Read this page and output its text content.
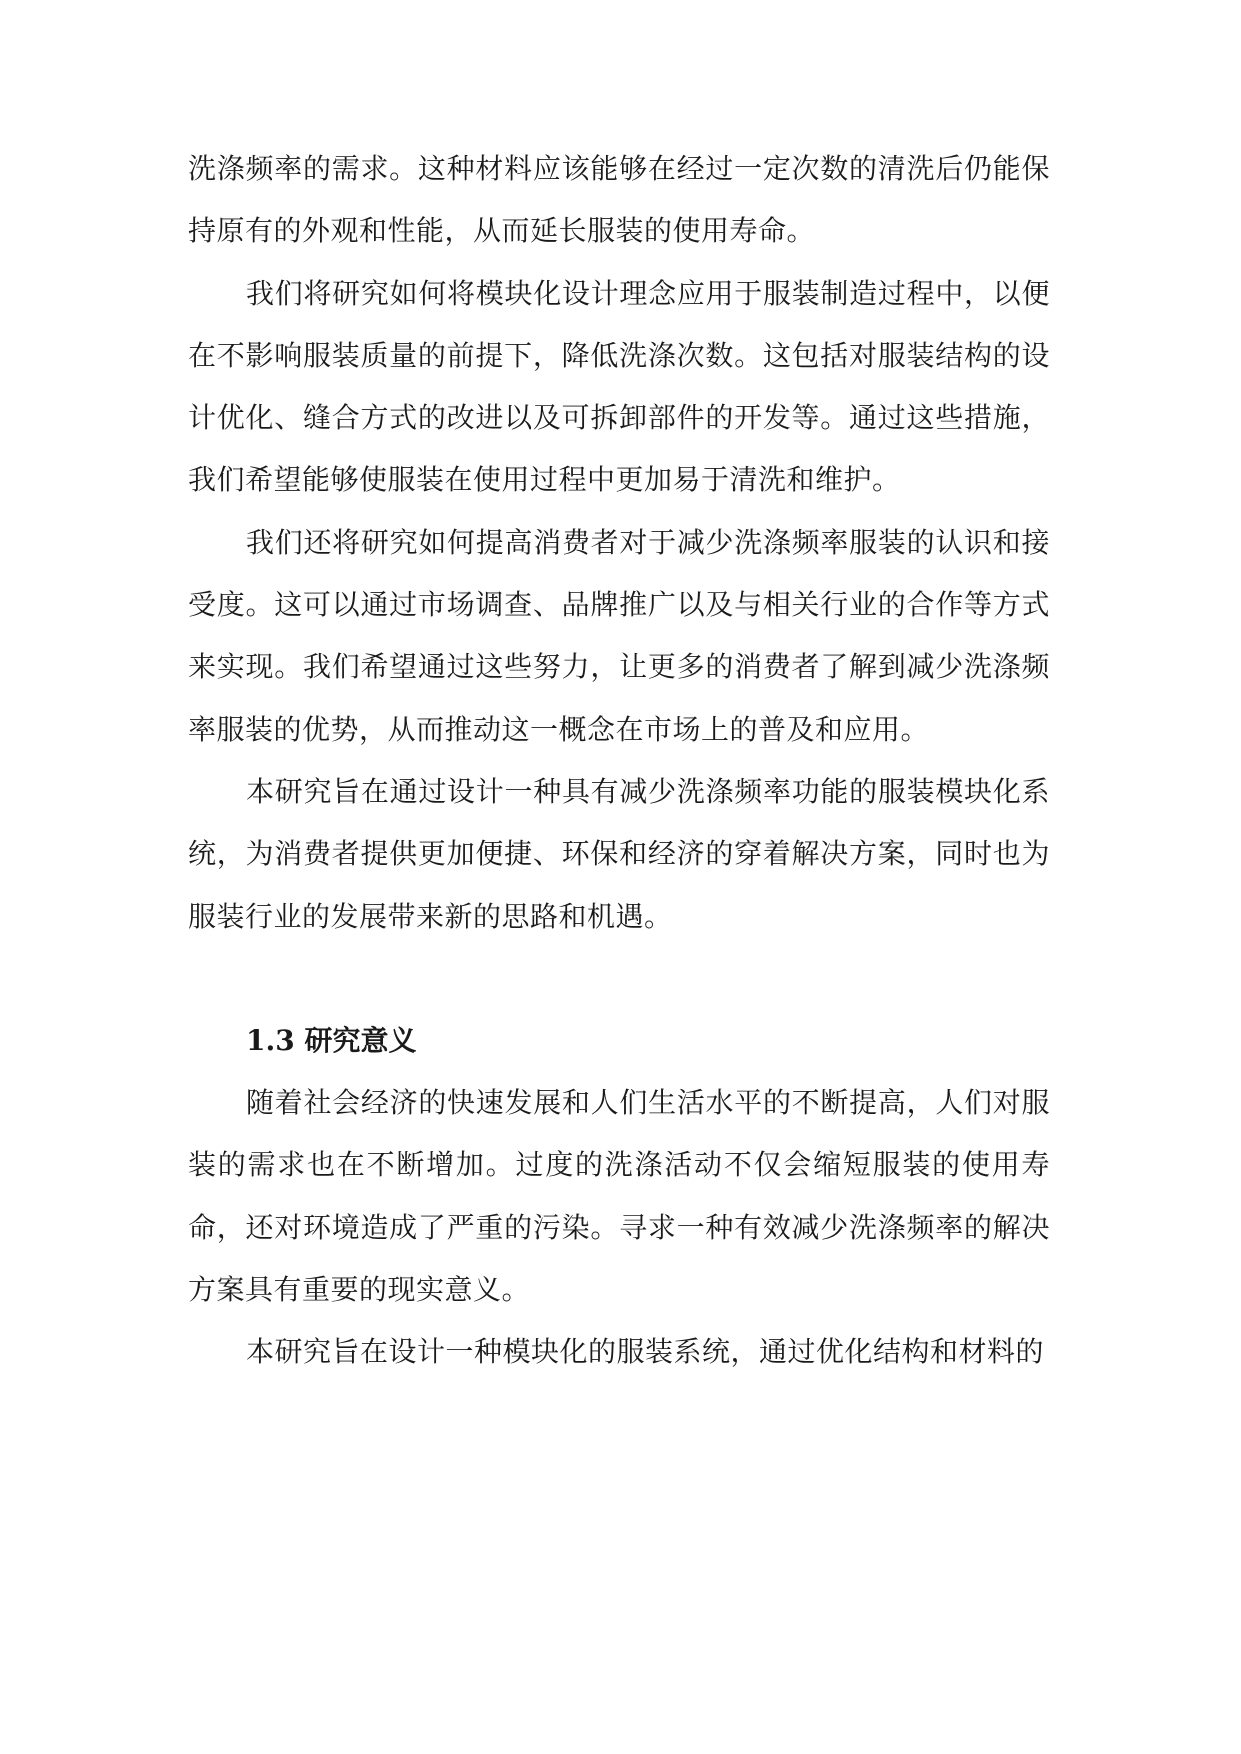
洗涤频率的需求。这种材料应该能够在经过一定次数的清洗后仍能保持原有的外观和性能，从而延长服装的使用寿命。

我们将研究如何将模块化设计理念应用于服装制造过程中，以便在不影响服装质量的前提下，降低洗涤次数。这包括对服装结构的设计优化、缝合方式的改进以及可拆卸部件的开发等。通过这些措施，我们希望能够使服装在使用过程中更加易于清洗和维护。

我们还将研究如何提高消费者对于减少洗涤频率服装的认识和接受度。这可以通过市场调查、品牌推广以及与相关行业的合作等方式来实现。我们希望通过这些努力，让更多的消费者了解到减少洗涤频率服装的优势，从而推动这一概念在市场上的普及和应用。

本研究旨在通过设计一种具有减少洗涤频率功能的服装模块化系统，为消费者提供更加便捷、环保和经济的穿着解决方案，同时也为服装行业的发展带来新的思路和机遇。

1.3 研究意义

随着社会经济的快速发展和人们生活水平的不断提高，人们对服装的需求也在不断增加。过度的洗涤活动不仅会缩短服装的使用寿命，还对环境造成了严重的污染。寻求一种有效减少洗涤频率的解决方案具有重要的现实意义。

本研究旨在设计一种模块化的服装系统，通过优化结构和材料的
